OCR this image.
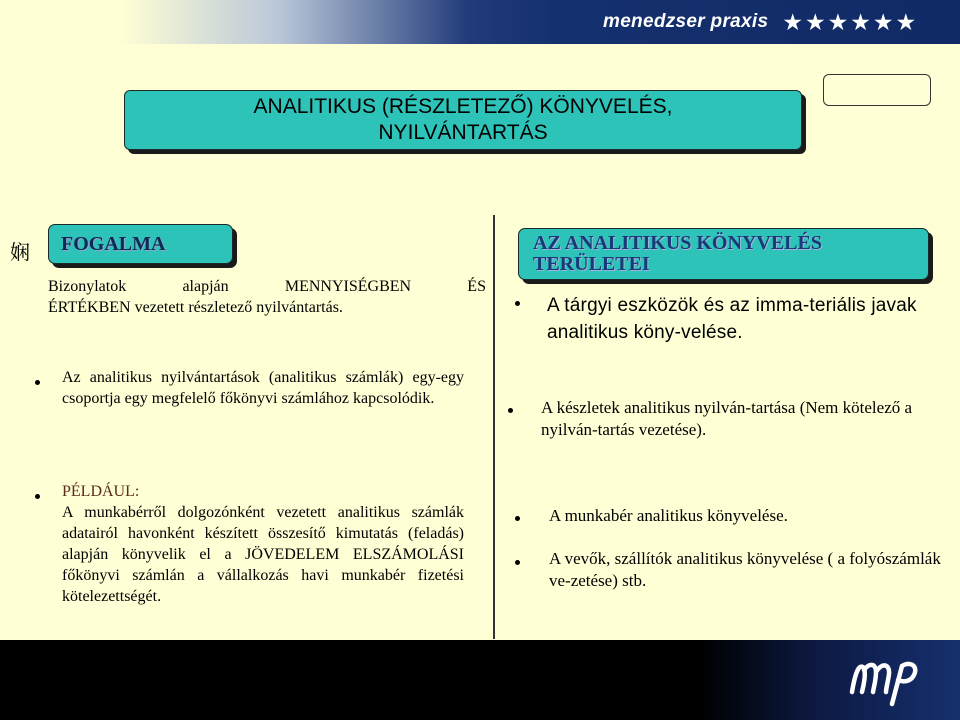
menedzser praxis ★ ★ ★ ★ ★ ★
ANALITIKUS (RÉSZLETEZŐ) KÖNYVELÉS,
NYILVÁNTARTÁS
娴 FOGALMA
Bizonylatok	alapján	MENNYISÉGBEN	ÉS
ÉRTÉKBEN vezetett részletező nyilvántartás.
Az analitikus nyilvántartások (analitikus számlák) egy-egy csoportja egy megfelelő főkönyvi számlához kapcsolódik.
PÉLDÁUL:
A munkabérről dolgozónként vezetett analitikus számlák adatairól havonként készített összesítő kimutatás (feladás) alapján könyvelik el a JÖVEDELEM ELSZÁMOLÁSI főkönyvi számlán a vállalkozás havi munkabér fizetési kötelezettségét.
AZ ANALITIKUS KÖNYVELÉS
TERÜLETEI
A tárgyi eszközök és az imma-teriális javak analitikus köny-velése.
A készletek analitikus nyilván-tartása (Nem kötelező a nyilván-tartás vezetése).
A munkabér analitikus könyvelése.
A vevők, szállítók analitikus könyvelése ( a folyószámlák ve-zetése) stb.
